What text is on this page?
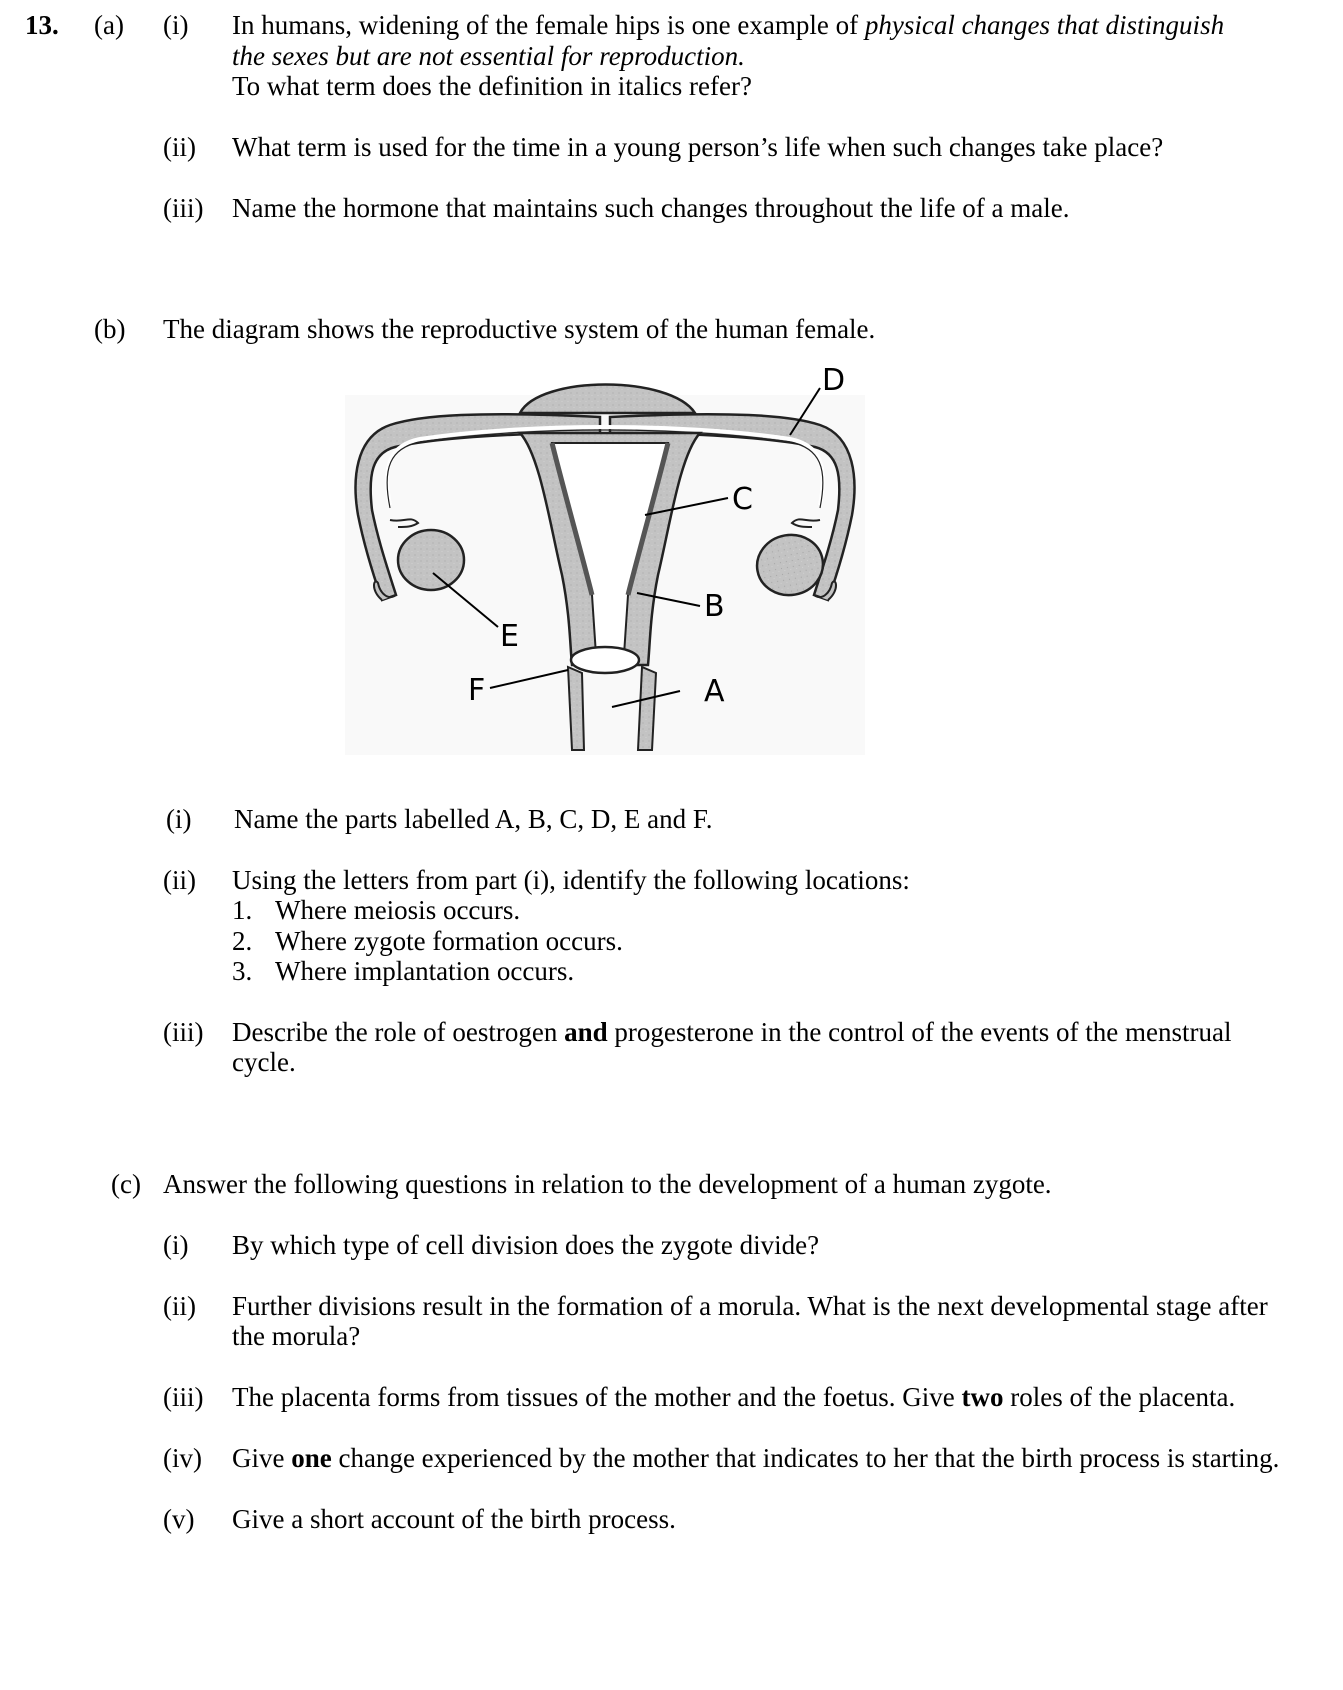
13. (a) (i) In humans, widening of the female hips is one example of physical changes that distinguish
the sexes but are not essential for reproduction.
To what term does the definition in italics refer?
(ii) What term is used for the time in a young person’s life when such changes take place?
(iii) Name the hormone that maintains such changes throughout the life of a male.
(b) The diagram shows the reproductive system of the human female.
A
B
C
D
E
F
(i) Name the parts labelled A, B, C, D, E and F.
(ii) Using the letters from part (i), identify the following locations:
1. Where meiosis occurs.
2. Where zygote formation occurs.
3. Where implantation occurs.
(iii) Describe the role of oestrogen and progesterone in the control of the events of the menstrual
cycle.
(c) Answer the following questions in relation to the development of a human zygote.
(i) By which type of cell division does the zygote divide?
(ii) Further divisions result in the formation of a morula. What is the next developmental stage after
the morula?
(iii) The placenta forms from tissues of the mother and the foetus. Give two roles of the placenta.
(iv) Give one change experienced by the mother that indicates to her that the birth process is starting.
(v) Give a short account of the birth process.
